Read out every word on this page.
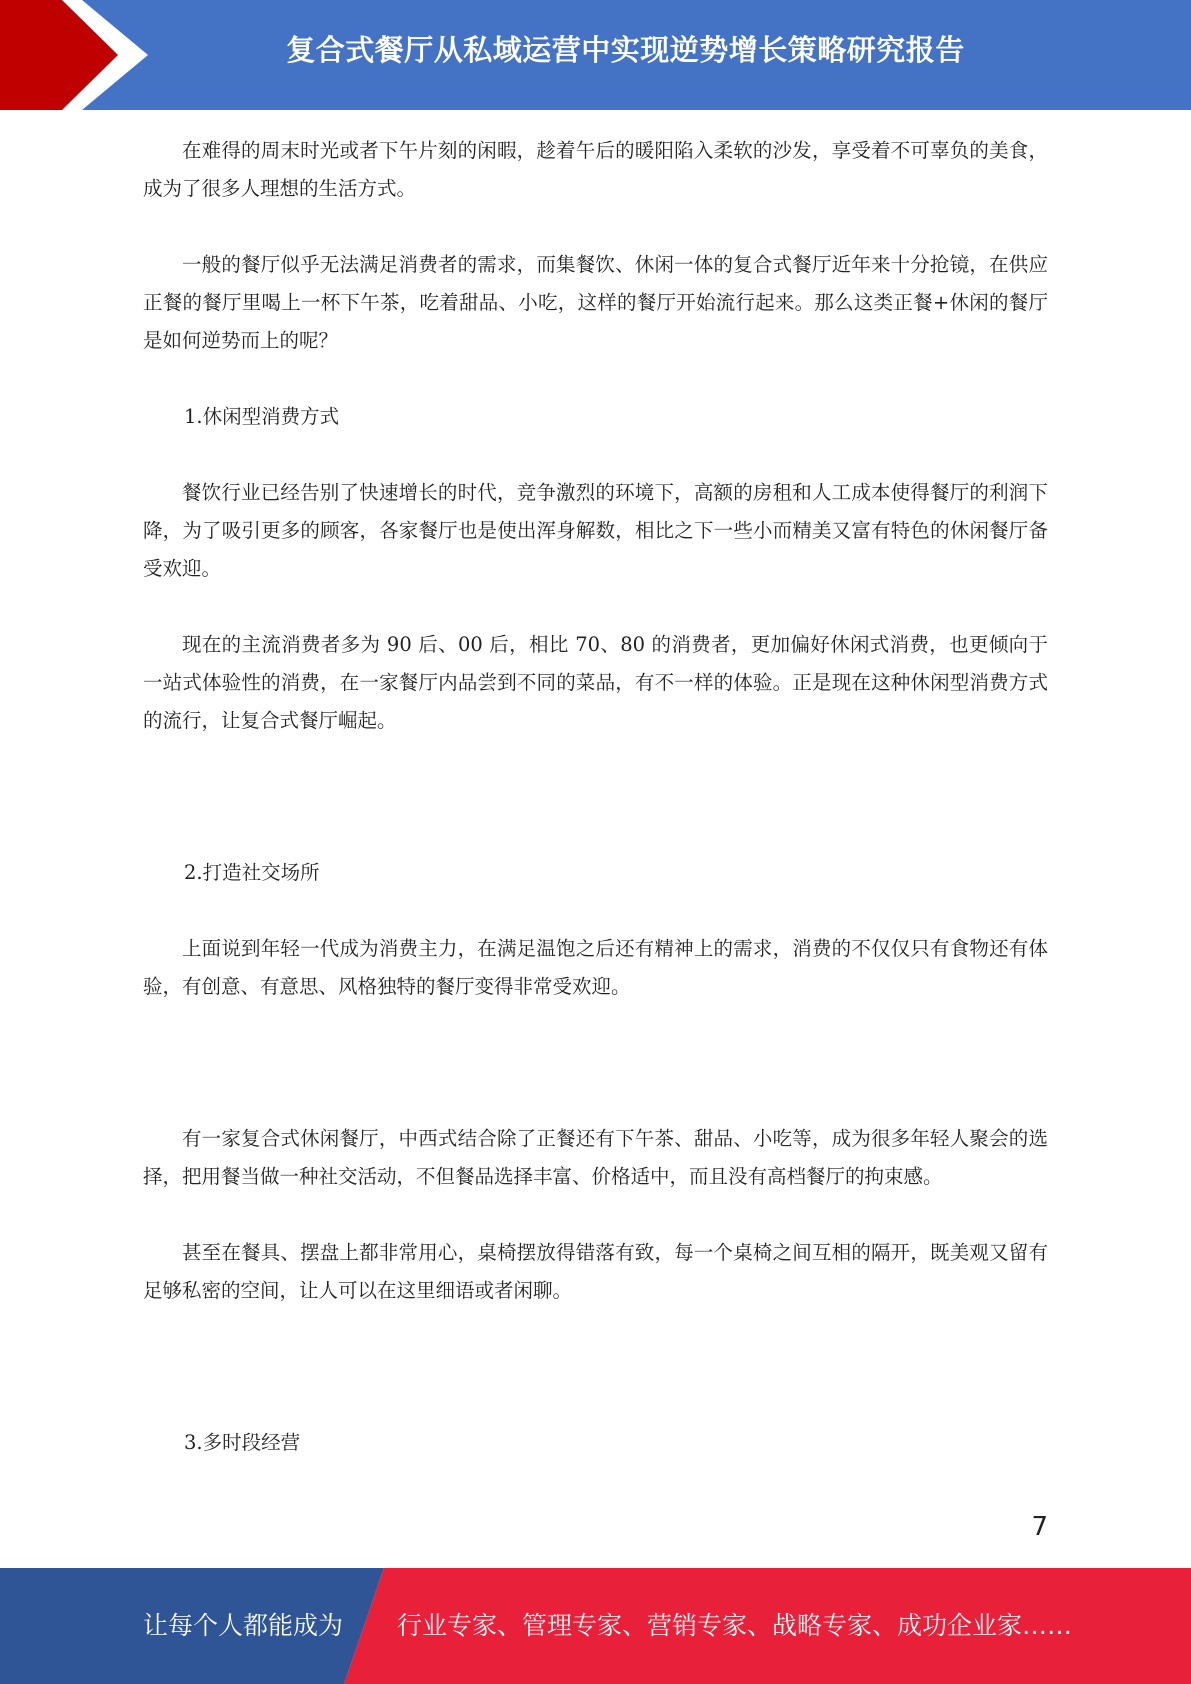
复合式餐厅从私域运营中实现逆势增长策略研究报告

在难得的周末时光或者下午片刻的闲暇，趁着午后的暖阳陷入柔软的沙发，享受着不可辜负的美食，成为了很多人理想的生活方式。

一般的餐厅似乎无法满足消费者的需求，而集餐饮、休闲一体的复合式餐厅近年来十分抢镜，在供应正餐的餐厅里喝上一杯下午茶，吃着甜品、小吃，这样的餐厅开始流行起来。那么这类正餐+休闲的餐厅是如何逆势而上的呢？

1.休闲型消费方式

餐饮行业已经告别了快速增长的时代，竞争激烈的环境下，高额的房租和人工成本使得餐厅的利润下降，为了吸引更多的顾客，各家餐厅也是使出浑身解数，相比之下一些小而精美又富有特色的休闲餐厅备受欢迎。

现在的主流消费者多为 90 后、00 后，相比 70、80 的消费者，更加偏好休闲式消费，也更倾向于一站式体验性的消费，在一家餐厅内品尝到不同的菜品，有不一样的体验。正是现在这种休闲型消费方式的流行，让复合式餐厅崛起。

2.打造社交场所

上面说到年轻一代成为消费主力，在满足温饱之后还有精神上的需求，消费的不仅仅只有食物还有体验，有创意、有意思、风格独特的餐厅变得非常受欢迎。

有一家复合式休闲餐厅，中西式结合除了正餐还有下午茶、甜品、小吃等，成为很多年轻人聚会的选择，把用餐当做一种社交活动，不但餐品选择丰富、价格适中，而且没有高档餐厅的拘束感。

甚至在餐具、摆盘上都非常用心，桌椅摆放得错落有致，每一个桌椅之间互相的隔开，既美观又留有足够私密的空间，让人可以在这里细语或者闲聊。

3.多时段经营

7
让每个人都能成为 行业专家、管理专家、营销专家、战略专家、成功企业家……
